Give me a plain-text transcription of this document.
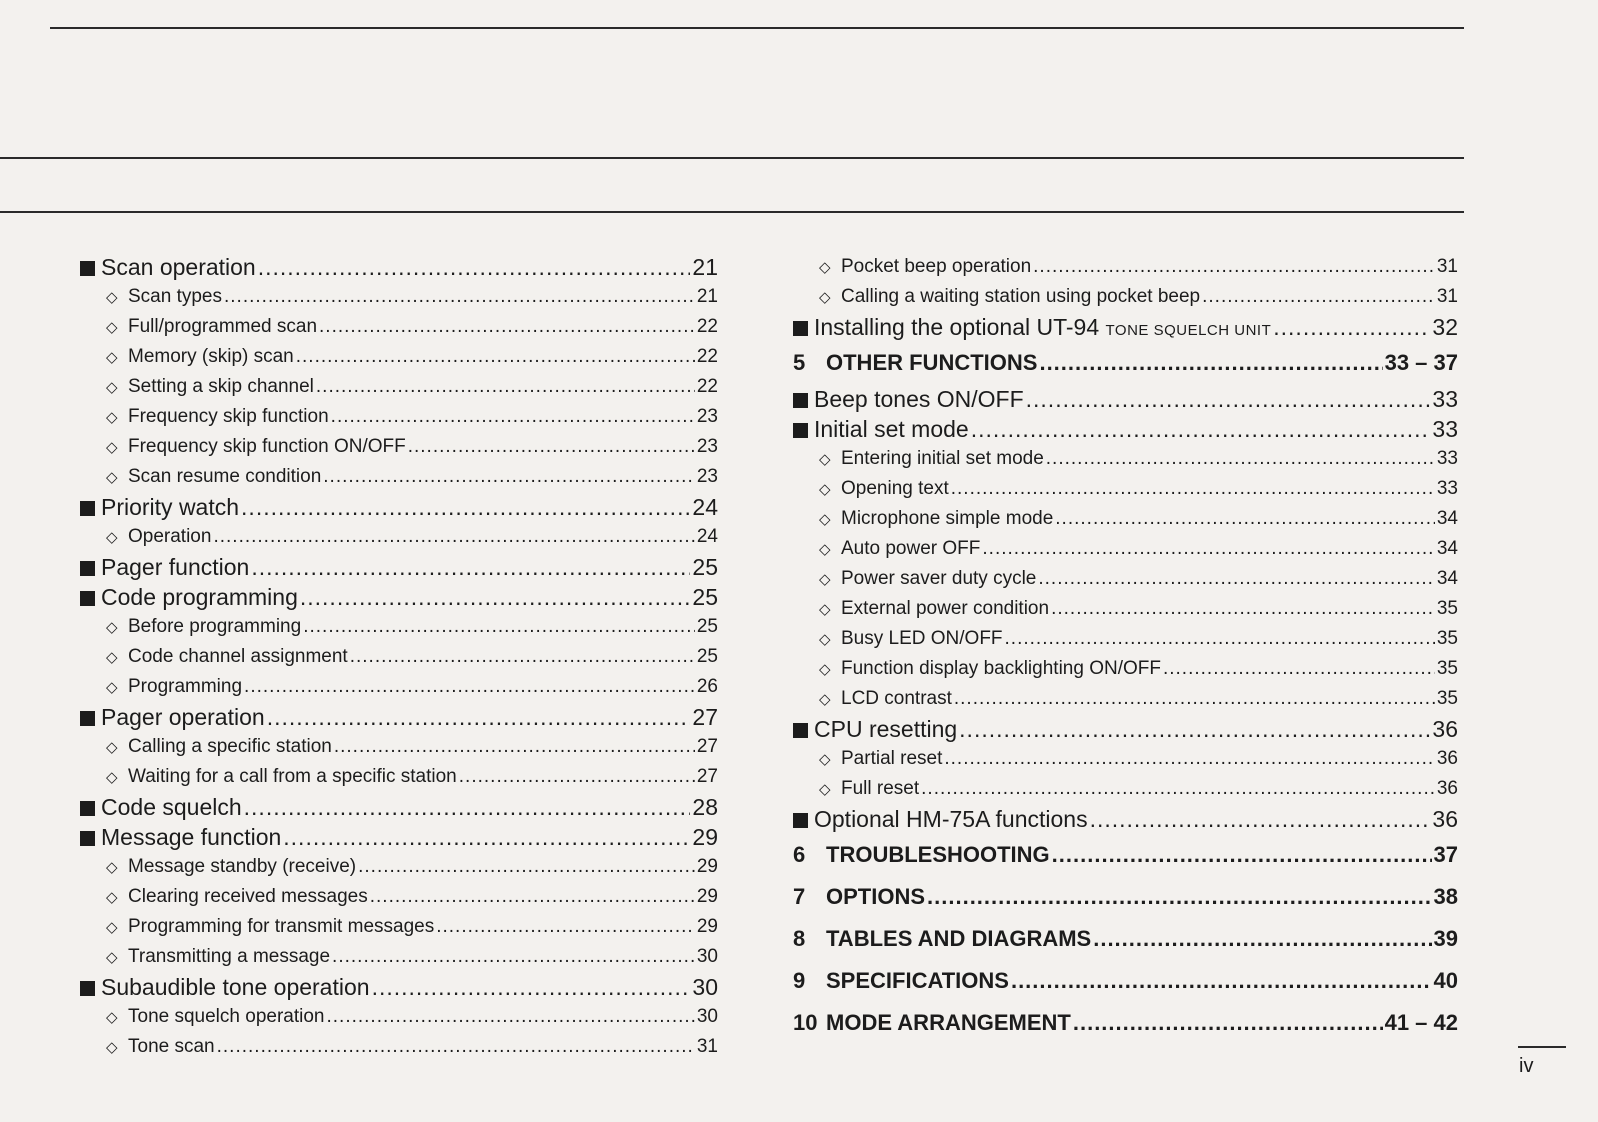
Scan operation .....	21
◇ Scan types .....	21
◇ Full/programmed scan .....	22
◇ Memory (skip) scan .....	22
◇ Setting a skip channel .....	22
◇ Frequency skip function .....	23
◇ Frequency skip function ON/OFF .....	23
◇ Scan resume condition .....	23
Priority watch .....	24
◇ Operation .....	24
Pager function .....	25
Code programming .....	25
◇ Before programming .....	25
◇ Code channel assignment .....	25
◇ Programming .....	26
Pager operation .....	27
◇ Calling a specific station .....	27
◇ Waiting for a call from a specific station .....	27
Code squelch .....	28
Message function .....	29
◇ Message standby (receive) .....	29
◇ Clearing received messages .....	29
◇ Programming for transmit messages .....	29
◇ Transmitting a message .....	30
Subaudible tone operation .....	30
◇ Tone squelch operation .....	30
◇ Tone scan .....	31
◇ Pocket beep operation .....	31
◇ Calling a waiting station using pocket beep .....	31
Installing the optional UT-94 TONE SQUELCH UNIT .....	32
5 OTHER FUNCTIONS .....	33 – 37
Beep tones ON/OFF .....	33
Initial set mode .....	33
◇ Entering initial set mode .....	33
◇ Opening text .....	33
◇ Microphone simple mode .....	34
◇ Auto power OFF .....	34
◇ Power saver duty cycle .....	34
◇ External power condition .....	35
◇ Busy LED ON/OFF .....	35
◇ Function display backlighting ON/OFF .....	35
◇ LCD contrast .....	35
CPU resetting .....	36
◇ Partial reset .....	36
◇ Full reset .....	36
Optional HM-75A functions .....	36
6 TROUBLESHOOTING .....	37
7 OPTIONS .....	38
8 TABLES AND DIAGRAMS .....	39
9 SPECIFICATIONS .....	40
10 MODE ARRANGEMENT .....	41 – 42
iv
